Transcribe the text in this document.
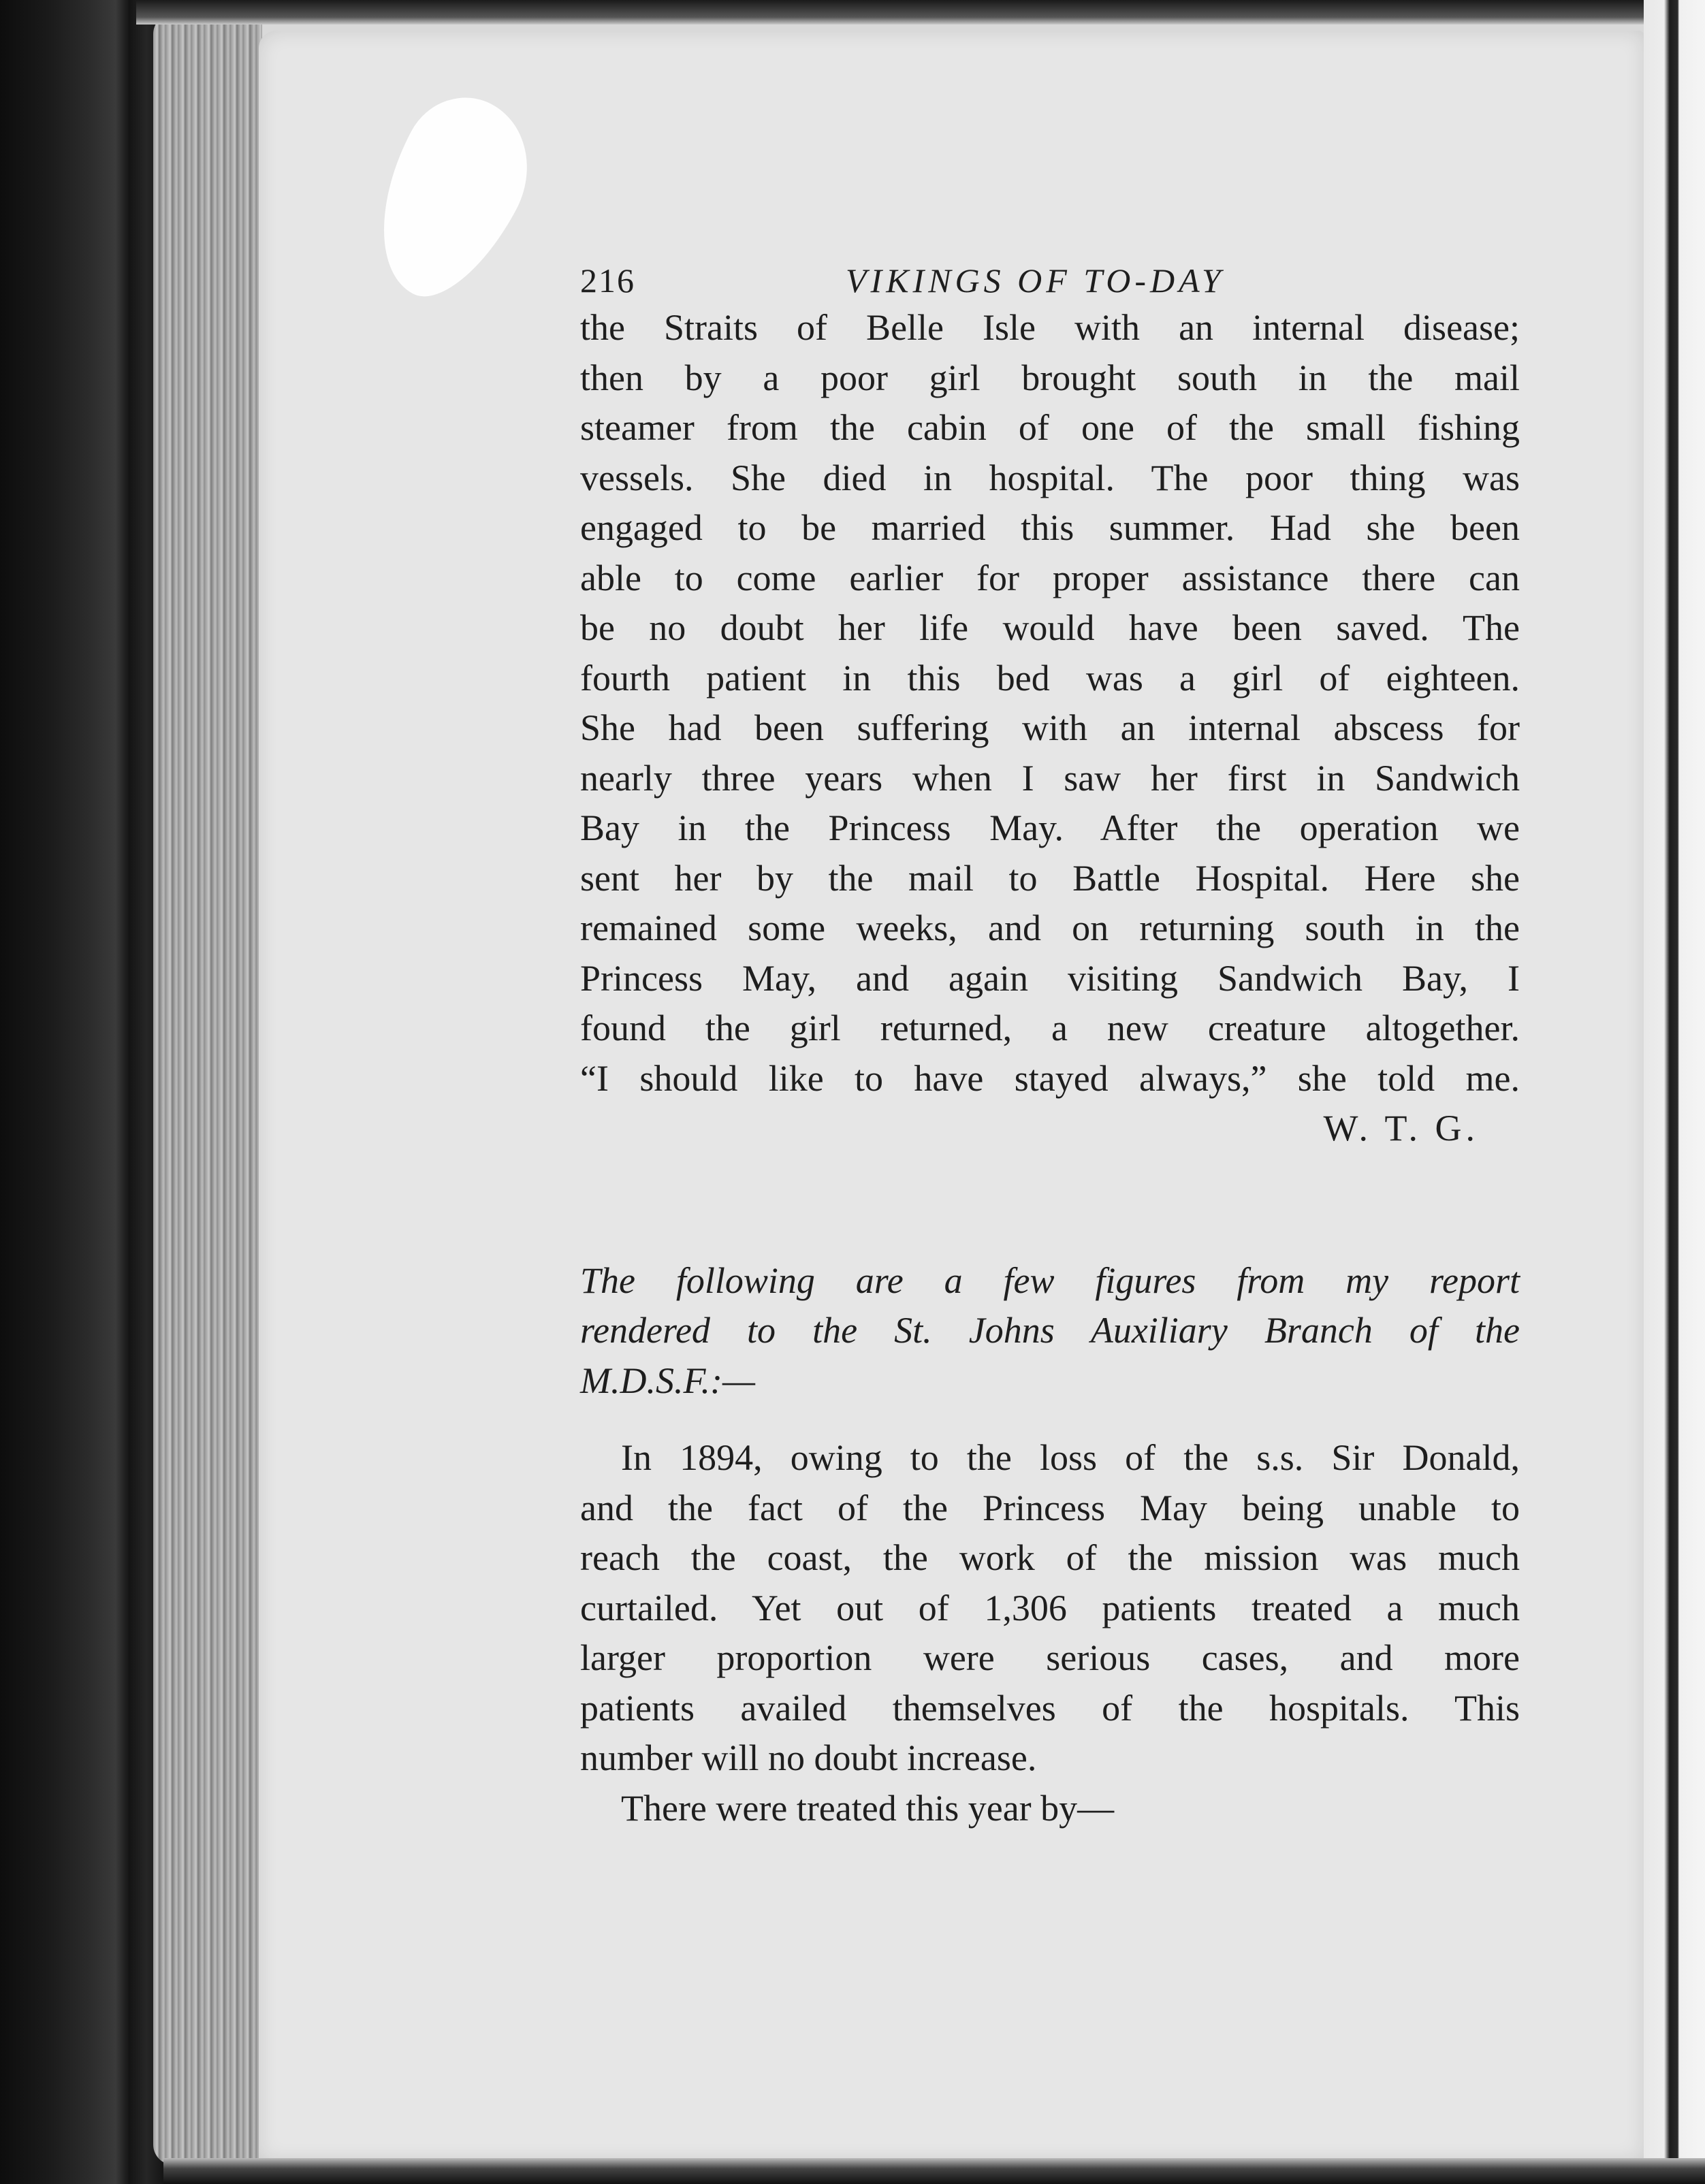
216	VIKINGS OF TO-DAY
the Straits of Belle Isle with an internal disease;
then by a poor girl brought south in the mail
steamer from the cabin of one of the small fishing
vessels. She died in hospital. The poor thing was
engaged to be married this summer. Had she been
able to come earlier for proper assistance there can
be no doubt her life would have been saved. The
fourth patient in this bed was a girl of eighteen.
She had been suffering with an internal abscess for
nearly three years when I saw her first in Sandwich
Bay in the Princess May. After the operation we
sent her by the mail to Battle Hospital. Here she
remained some weeks, and on returning south in the
Princess May, and again visiting Sandwich Bay, I
found the girl returned, a new creature altogether.
“I should like to have stayed always,” she told me.
W. T. G.
The following are a few figures from my report
rendered to the St. Johns Auxiliary Branch of the
M.D.S.F.:—
In 1894, owing to the loss of the s.s. Sir Donald,
and the fact of the Princess May being unable to
reach the coast, the work of the mission was much
curtailed. Yet out of 1,306 patients treated a much
larger proportion were serious cases, and more
patients availed themselves of the hospitals. This
number will no doubt increase.
There were treated this year by—
